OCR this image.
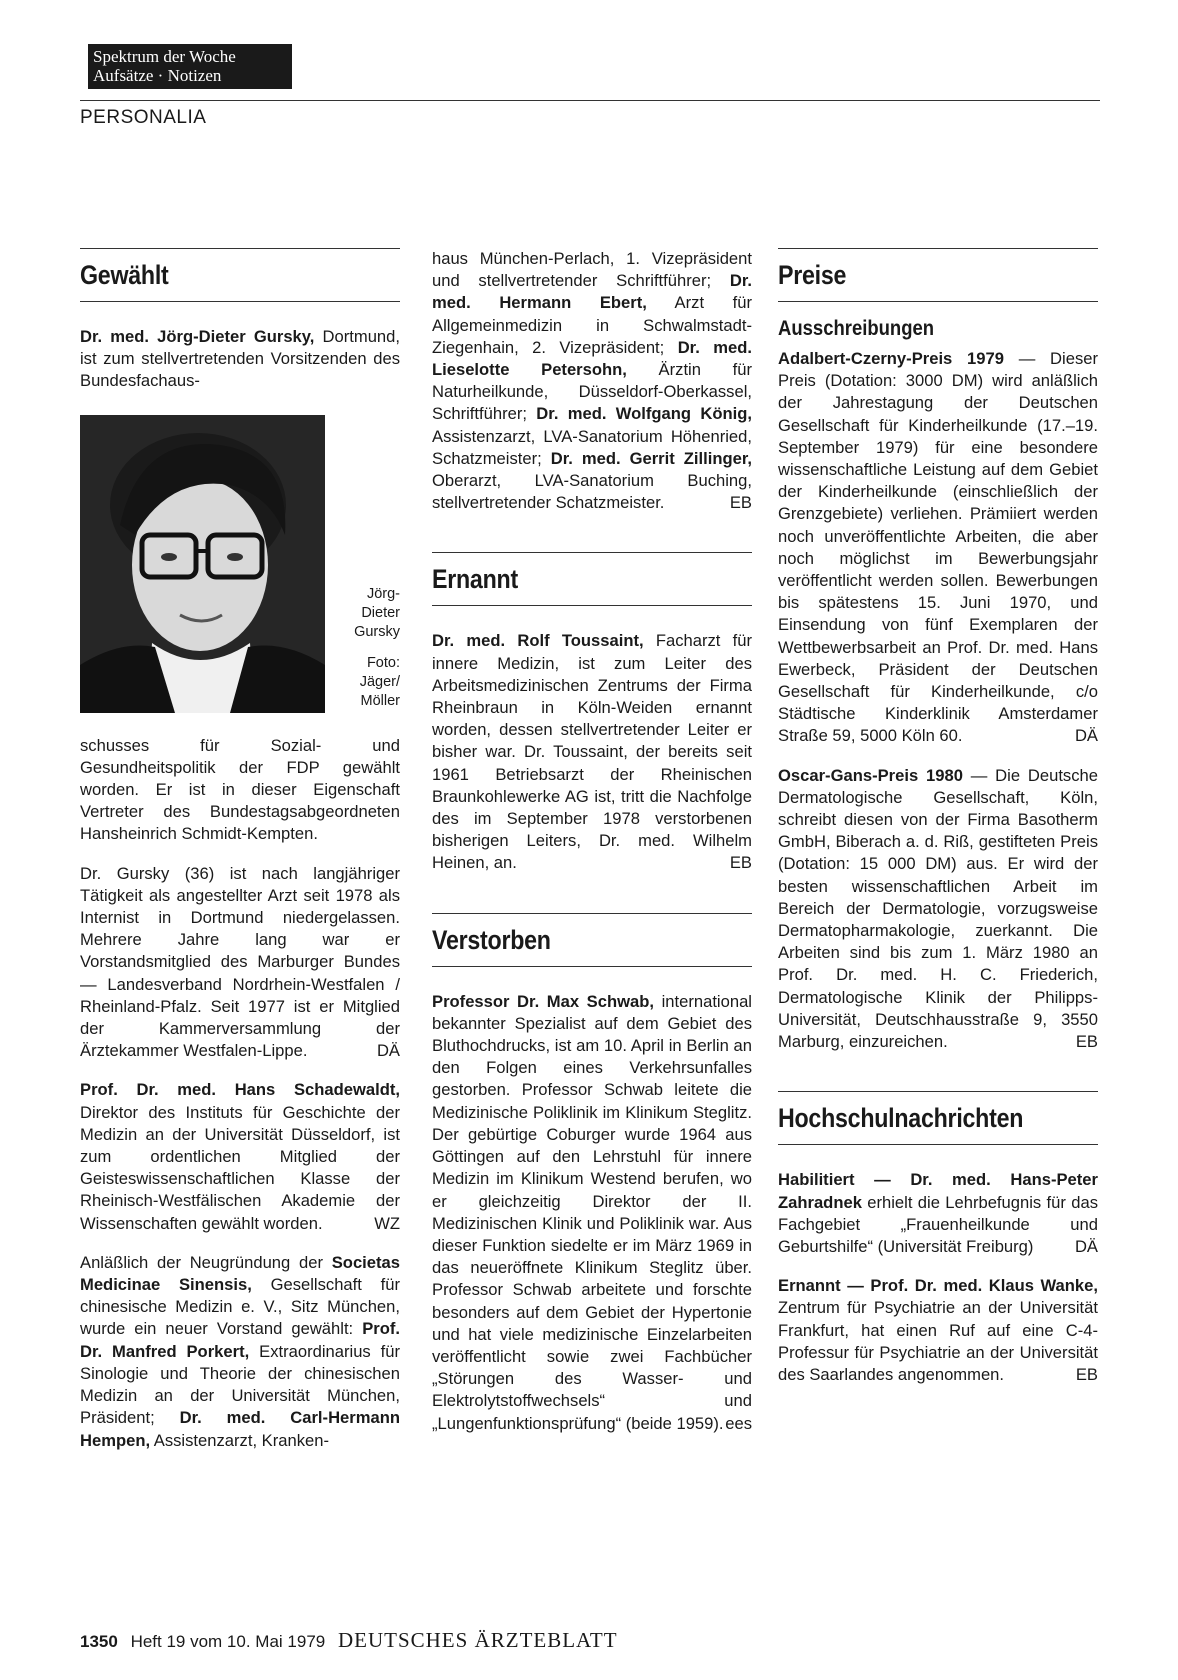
Spektrum der Woche
Aufsätze · Notizen
PERSONALIA
Gewählt

Dr. med. Jörg-Dieter Gursky, Dortmund, ist zum stellvertretenden Vorsitzenden des Bundesfachaus-

Jörg-Dieter Gursky
Foto: Jäger/ Möller

schusses für Sozial- und Gesundheitspolitik der FDP gewählt worden. Er ist in dieser Eigenschaft Vertreter des Bundestagsabgeordneten Hansheinrich Schmidt-Kempten.

Dr. Gursky (36) ist nach langjähriger Tätigkeit als angestellter Arzt seit 1978 als Internist in Dortmund niedergelassen. Mehrere Jahre lang war er Vorstandsmitglied des Marburger Bundes — Landesverband Nordrhein-Westfalen / Rheinland-Pfalz. Seit 1977 ist er Mitglied der Kammerversammlung der Ärztekammer Westfalen-Lippe.	DÄ

Prof. Dr. med. Hans Schadewaldt, Direktor des Instituts für Geschichte der Medizin an der Universität Düsseldorf, ist zum ordentlichen Mitglied der Geisteswissenschaftlichen Klasse der Rheinisch-Westfälischen Akademie der Wissenschaften gewählt worden.	WZ

Anläßlich der Neugründung der Societas Medicinae Sinensis, Gesellschaft für chinesische Medizin e. V., Sitz München, wurde ein neuer Vorstand gewählt: Prof. Dr. Manfred Porkert, Extraordinarius für Sinologie und Theorie der chinesischen Medizin an der Universität München, Präsident; Dr. med. Carl-Hermann Hempen, Assistenzarzt, Kranken-

haus München-Perlach, 1. Vizepräsident und stellvertretender Schriftführer; Dr. med. Hermann Ebert, Arzt für Allgemeinmedizin in Schwalmstadt-Ziegenhain, 2. Vizepräsident; Dr. med. Lieselotte Petersohn, Ärztin für Naturheilkunde, Düsseldorf-Oberkassel, Schriftführer; Dr. med. Wolfgang König, Assistenzarzt, LVA-Sanatorium Höhenried, Schatzmeister; Dr. med. Gerrit Zillinger, Oberarzt, LVA-Sanatorium Buching, stellvertretender Schatzmeister.	EB

Ernannt

Dr. med. Rolf Toussaint, Facharzt für innere Medizin, ist zum Leiter des Arbeitsmedizinischen Zentrums der Firma Rheinbraun in Köln-Weiden ernannt worden, dessen stellvertretender Leiter er bisher war. Dr. Toussaint, der bereits seit 1961 Betriebsarzt der Rheinischen Braunkohlewerke AG ist, tritt die Nachfolge des im September 1978 verstorbenen bisherigen Leiters, Dr. med. Wilhelm Heinen, an.	EB

Verstorben

Professor Dr. Max Schwab, international bekannter Spezialist auf dem Gebiet des Bluthochdrucks, ist am 10. April in Berlin an den Folgen eines Verkehrsunfalles gestorben. Professor Schwab leitete die Medizinische Poliklinik im Klinikum Steglitz. Der gebürtige Coburger wurde 1964 aus Göttingen auf den Lehrstuhl für innere Medizin im Klinikum Westend berufen, wo er gleichzeitig Direktor der II. Medizinischen Klinik und Poliklinik war. Aus dieser Funktion siedelte er im März 1969 in das neueröffnete Klinikum Steglitz über. Professor Schwab arbeitete und forschte besonders auf dem Gebiet der Hypertonie und hat viele medizinische Einzelarbeiten veröffentlicht sowie zwei Fachbücher „Störungen des Wasser- und Elektrolytstoffwechsels“ und „Lungenfunktionsprüfung“ (beide 1959). ees

Preise
Ausschreibungen

Adalbert-Czerny-Preis 1979 — Dieser Preis (Dotation: 3000 DM) wird anläßlich der Jahrestagung der Deutschen Gesellschaft für Kinderheilkunde (17.–19. September 1979) für eine besondere wissenschaftliche Leistung auf dem Gebiet der Kinderheilkunde (einschließlich der Grenzgebiete) verliehen. Prämiiert werden noch unveröffentlichte Arbeiten, die aber noch möglichst im Bewerbungsjahr veröffentlicht werden sollen. Bewerbungen bis spätestens 15. Juni 1970, und Einsendung von fünf Exemplaren der Wettbewerbsarbeit an Prof. Dr. med. Hans Ewerbeck, Präsident der Deutschen Gesellschaft für Kinderheilkunde, c/o Städtische Kinderklinik Amsterdamer Straße 59, 5000 Köln 60.	DÄ

Oscar-Gans-Preis 1980 — Die Deutsche Dermatologische Gesellschaft, Köln, schreibt diesen von der Firma Basotherm GmbH, Biberach a. d. Riß, gestifteten Preis (Dotation: 15 000 DM) aus. Er wird der besten wissenschaftlichen Arbeit im Bereich der Dermatologie, vorzugsweise Dermatopharmakologie, zuerkannt. Die Arbeiten sind bis zum 1. März 1980 an Prof. Dr. med. H. C. Friederich, Dermatologische Klinik der Philipps-Universität, Deutschhausstraße 9, 3550 Marburg, einzureichen.	EB

Hochschulnachrichten

Habilitiert — Dr. med. Hans-Peter Zahradnek erhielt die Lehrbefugnis für das Fachgebiet „Frauenheilkunde und Geburtshilfe“ (Universität Freiburg)	DÄ

Ernannt — Prof. Dr. med. Klaus Wanke, Zentrum für Psychiatrie an der Universität Frankfurt, hat einen Ruf auf eine C-4-Professur für Psychiatrie an der Universität des Saarlandes angenommen.	EB

1350 Heft 19 vom 10. Mai 1979 DEUTSCHES ÄRZTEBLATT
